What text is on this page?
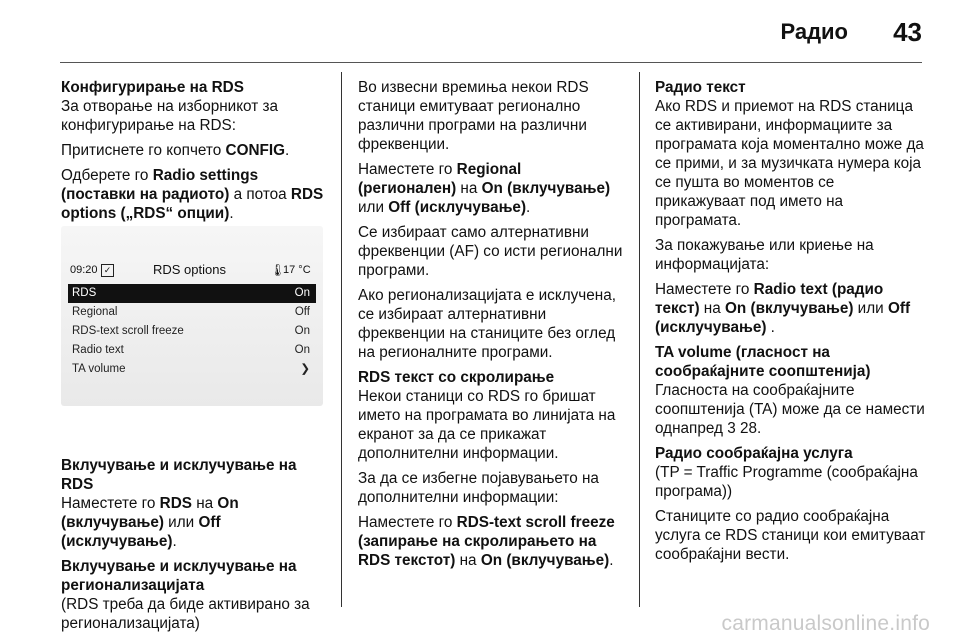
Радио 43

Конфигурирање на RDS

За отворање на изборникот за конфигурирање на RDS:

Притиснете го копчето CONFIG.

Одберете го Radio settings (поставки на радиото) а потоа RDS options („RDS“ опции).

09:20 ✓	RDS options	🌡
17 °C
RDS	On
Regional	Off
RDS-text scroll freeze	On
Radio text	On
TA volume	❯

Вклучување и исклучување на RDS

Наместете го RDS на On (вклучување) или Off (исклучување).

Вклучување и исклучување на регионализацијата

(RDS треба да биде активирано за регионализацијата)

Во извесни времиња некои RDS станици емитуваат регионално различни програми на различни фреквенции.

Наместете го Regional (регионален) на On (вклучување) или Off (исклучување).

Се избираат само алтернативни фреквенции (AF) со исти регионални програми.

Ако регионализацијата е исклучена, се избираат алтернативни фреквенции на станиците без оглед на регионалните програми.

RDS текст со скролирање

Некои станици со RDS го бришат името на програмата во линијата на екранот за да се прикажат дополнителни информации.

За да се избегне појавувањето на дополнителни информации:

Наместете го RDS-text scroll freeze (запирање на скролирањето на RDS текстот) на On (вклучување).

Радио текст

Ако RDS и приемот на RDS станица се активирани, информациите за програмата која моментално може да се прими, и за музичката нумера која се пушта во моментов се прикажуваат под името на програмата.

За покажување или криење на информацијата:

Наместете го Radio text (радио текст) на On (вклучување) или Off (исклучување) .

TA volume (гласност на сообраќајните соопштенија)

Гласноста на сообраќајните соопштенија (TA) може да се намести однапред 3 28.

Радио сообраќајна услуга

(TP = Traffic Programme (сообраќајна програма))

Станиците со радио сообраќајна услуга се RDS станици кои емитуваат сообраќајни вести.

carmanualsonline.info
